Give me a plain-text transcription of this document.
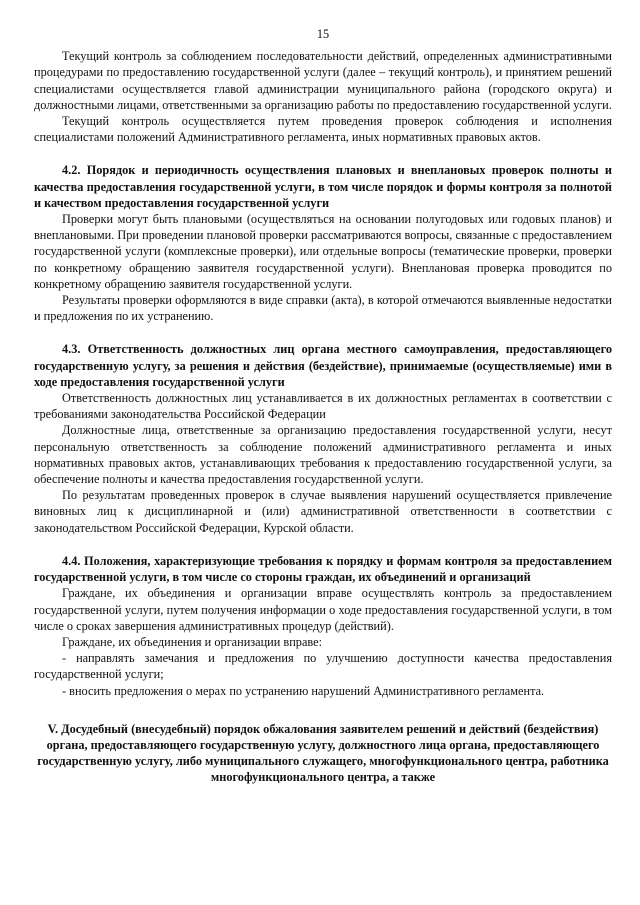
15

Текущий контроль за соблюдением последовательности действий, определенных административными процедурами по предоставлению государственной услуги (далее – текущий контроль), и принятием решений специалистами осуществляется главой администрации муниципального района (городского округа) и должностными лицами, ответственными за организацию работы по предоставлению государственной услуги.

Текущий контроль осуществляется путем проведения проверок соблюдения и исполнения специалистами положений Административного регламента, иных нормативных правовых актов.

4.2. Порядок и периодичность осуществления плановых и внеплановых проверок полноты и качества предоставления государственной услуги, в том числе порядок и формы контроля за полнотой и качеством предоставления государственной услуги

Проверки могут быть плановыми (осуществляться на основании полугодовых или годовых планов) и внеплановыми. При проведении плановой проверки рассматриваются вопросы, связанные с предоставлением государственной услуги (комплексные проверки), или отдельные вопросы (тематические проверки, проверки по конкретному обращению заявителя государственной услуги). Внеплановая проверка проводится по конкретному обращению заявителя государственной услуги.

Результаты проверки оформляются в виде справки (акта), в которой отмечаются выявленные недостатки и предложения по их устранению.

4.3. Ответственность должностных лиц органа местного самоуправления, предоставляющего государственную услугу, за решения и действия (бездействие), принимаемые (осуществляемые) ими в ходе предоставления государственной услуги

Ответственность должностных лиц устанавливается в их должностных регламентах в соответствии с требованиями законодательства Российской Федерации

Должностные лица, ответственные за организацию предоставления государственной услуги, несут персональную ответственность за соблюдение положений административного регламента и иных нормативных правовых актов, устанавливающих требования к предоставлению государственной услуги, за обеспечение полноты и качества предоставления государственной услуги.

По результатам проведенных проверок в случае выявления нарушений осуществляется привлечение виновных лиц к дисциплинарной и (или) административной ответственности в соответствии с законодательством Российской Федерации, Курской области.

4.4. Положения, характеризующие требования к порядку и формам контроля за предоставлением государственной услуги, в том числе со стороны граждан, их объединений и организаций

Граждане, их объединения и организации вправе осуществлять контроль за предоставлением государственной услуги, путем получения информации о ходе предоставления государственной услуги, в том числе о сроках завершения административных процедур (действий).

Граждане, их объединения и организации вправе:

- направлять замечания и предложения по улучшению доступности качества предоставления государственной услуги;

- вносить предложения о мерах по устранению нарушений Административного регламента.

V. Досудебный (внесудебный) порядок обжалования заявителем решений и действий (бездействия) органа, предоставляющего государственную услугу, должностного лица органа, предоставляющего государственную услугу, либо муниципального служащего, многофункционального центра, работника многофункционального центра, а также
